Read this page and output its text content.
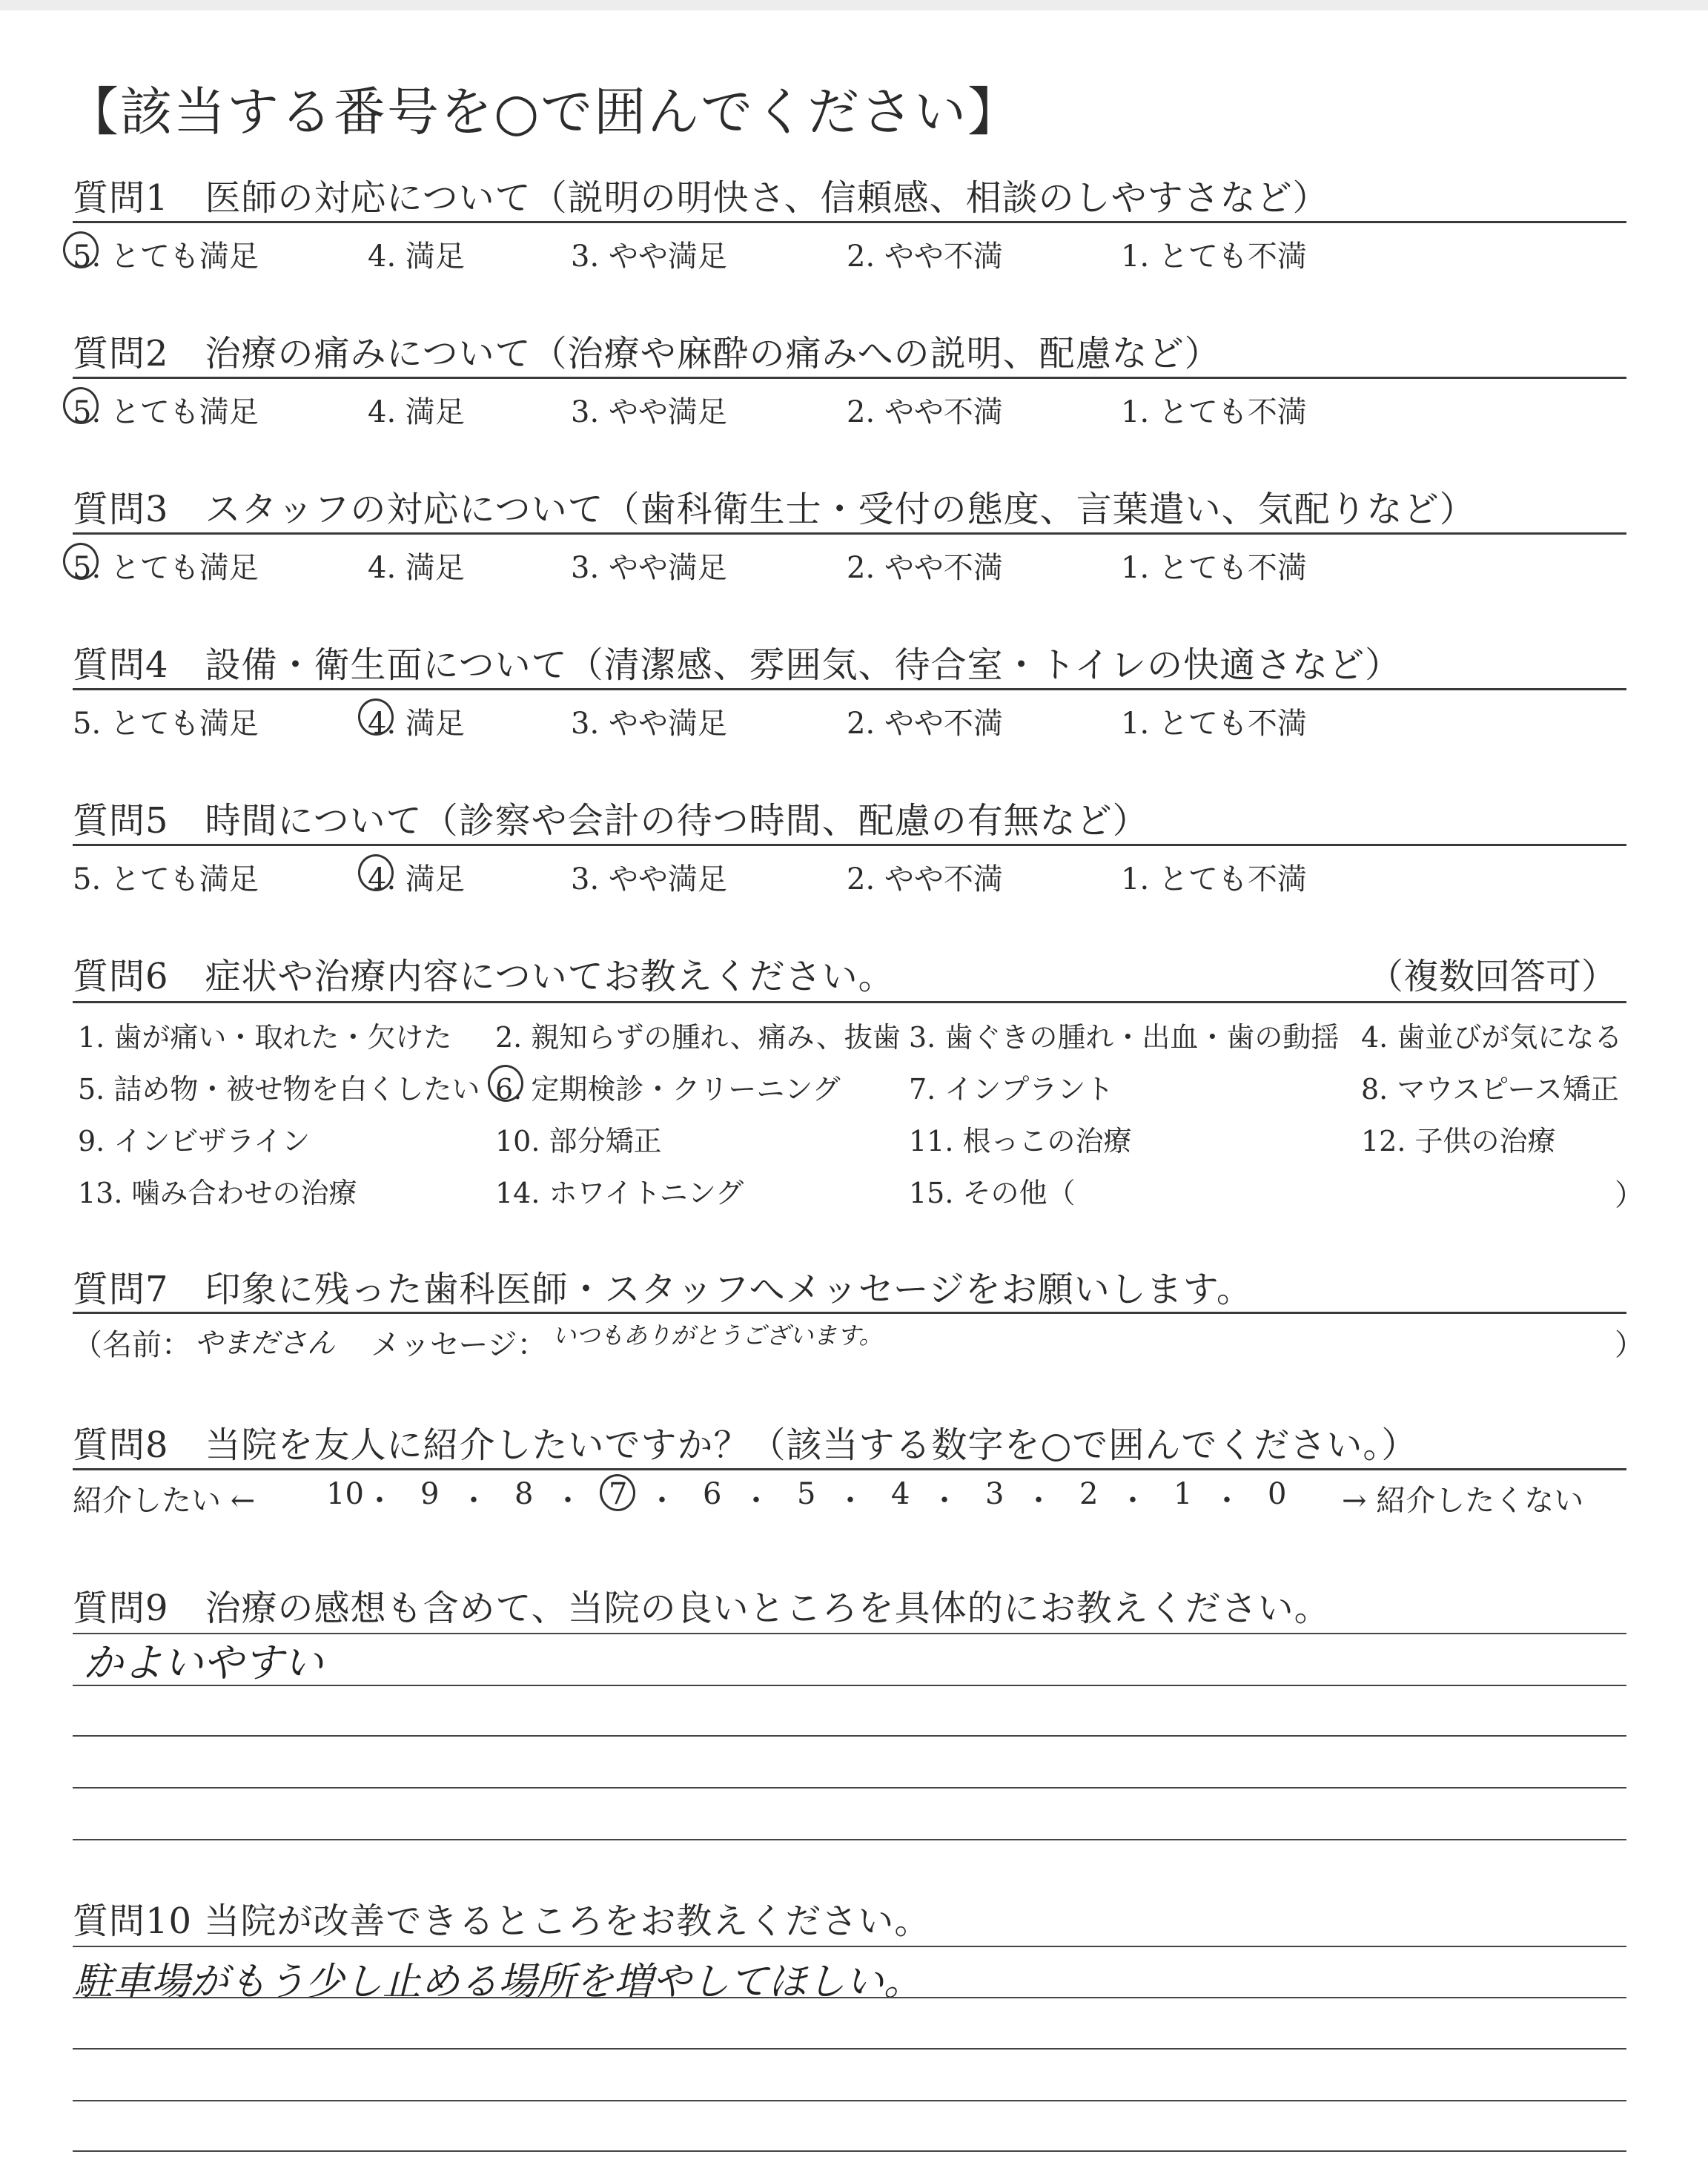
【該当する番号を○で囲んでください】
質問1　医師の対応について（説明の明快さ、信頼感、相談のしやすさなど）
5. とても満足	4. 満足	3. やや満足	2. やや不満	1. とても不満
質問2　治療の痛みについて（治療や麻酔の痛みへの説明、配慮など）
5. とても満足	4. 満足	3. やや満足	2. やや不満	1. とても不満
質問3　スタッフの対応について（歯科衛生士・受付の態度、言葉遣い、気配りなど）
5. とても満足	4. 満足	3. やや満足	2. やや不満	1. とても不満
質問4　設備・衛生面について（清潔感、雰囲気、待合室・トイレの快適さなど）
5. とても満足	4. 満足	3. やや満足	2. やや不満	1. とても不満
質問5　時間について（診察や会計の待つ時間、配慮の有無など）
5. とても満足	4. 満足	3. やや満足	2. やや不満	1. とても不満
質問6　症状や治療内容についてお教えください。	（複数回答可）
1. 歯が痛い・取れた・欠けた 2. 親知らずの腫れ、痛み、抜歯 3. 歯ぐきの腫れ・出血・歯の動揺 4. 歯並びが気になる
5. 詰め物・被せ物を白くしたい 6. 定期検診・クリーニング 7. インプラント	8. マウスピース矯正
9. インビザライン	10. 部分矯正	11. 根っこの治療	12. 子供の治療
13. 噛み合わせの治療	14. ホワイトニング	15. その他（	）
質問7　印象に残った歯科医師・スタッフへメッセージをお願いします。
（名前： やまださん メッセージ： いつもありがとうございます。	）
質問8　当院を友人に紹介したいですか？（該当する数字を○で囲んでください。）
紹介したい ← 10 ・ 9 ・ 8 ・ 7 ・ 6 ・ 5 ・ 4 ・ 3 ・ 2 ・ 1 ・ 0 → 紹介したくない
質問9　治療の感想も含めて、当院の良いところを具体的にお教えください。
かよいやすい
質問10 当院が改善できるところをお教えください。
駐車場がもう少し止める場所を増やしてほしい。
